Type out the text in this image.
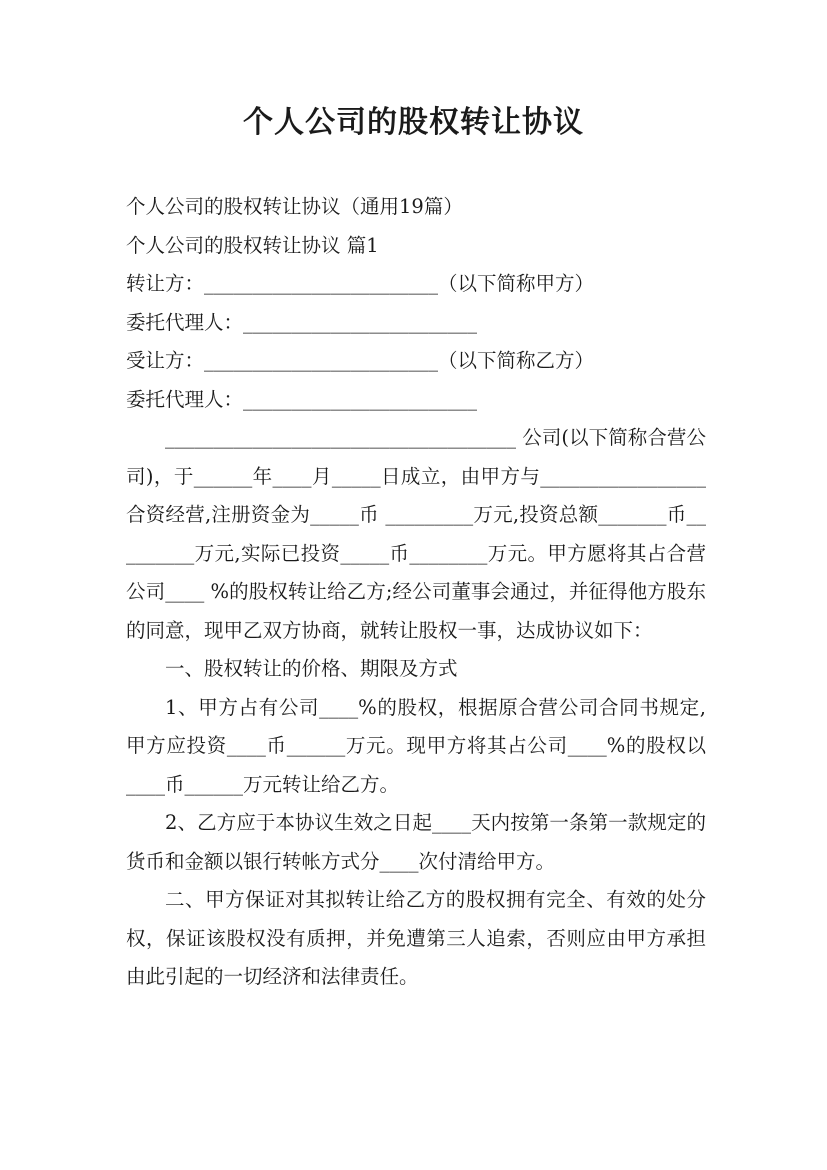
个人公司的股权转让协议

个人公司的股权转让协议（通用19篇）

个人公司的股权转让协议 篇1

转让方：________________________（以下简称甲方）

委托代理人：________________________

受让方：________________________（以下简称乙方）

委托代理人：________________________

____________________________________ 公司(以下简称合营公司)，于______年____月_____日成立，由甲方与_________________合资经营,注册资金为_____币 _________万元,投资总额_______币_________万元,实际已投资_____币________万元。甲方愿将其占合营公司____ %的股权转让给乙方;经公司董事会通过，并征得他方股东的同意，现甲乙双方协商，就转让股权一事，达成协议如下：

一、股权转让的价格、期限及方式

1、甲方占有公司____%的股权，根据原合营公司合同书规定,甲方应投资____币______万元。现甲方将其占公司____%的股权以 ____币______万元转让给乙方。

2、乙方应于本协议生效之日起____天内按第一条第一款规定的货币和金额以银行转帐方式分____次付清给甲方。

二、甲方保证对其拟转让给乙方的股权拥有完全、有效的处分权，保证该股权没有质押，并免遭第三人追索，否则应由甲方承担由此引起的一切经济和法律责任。
